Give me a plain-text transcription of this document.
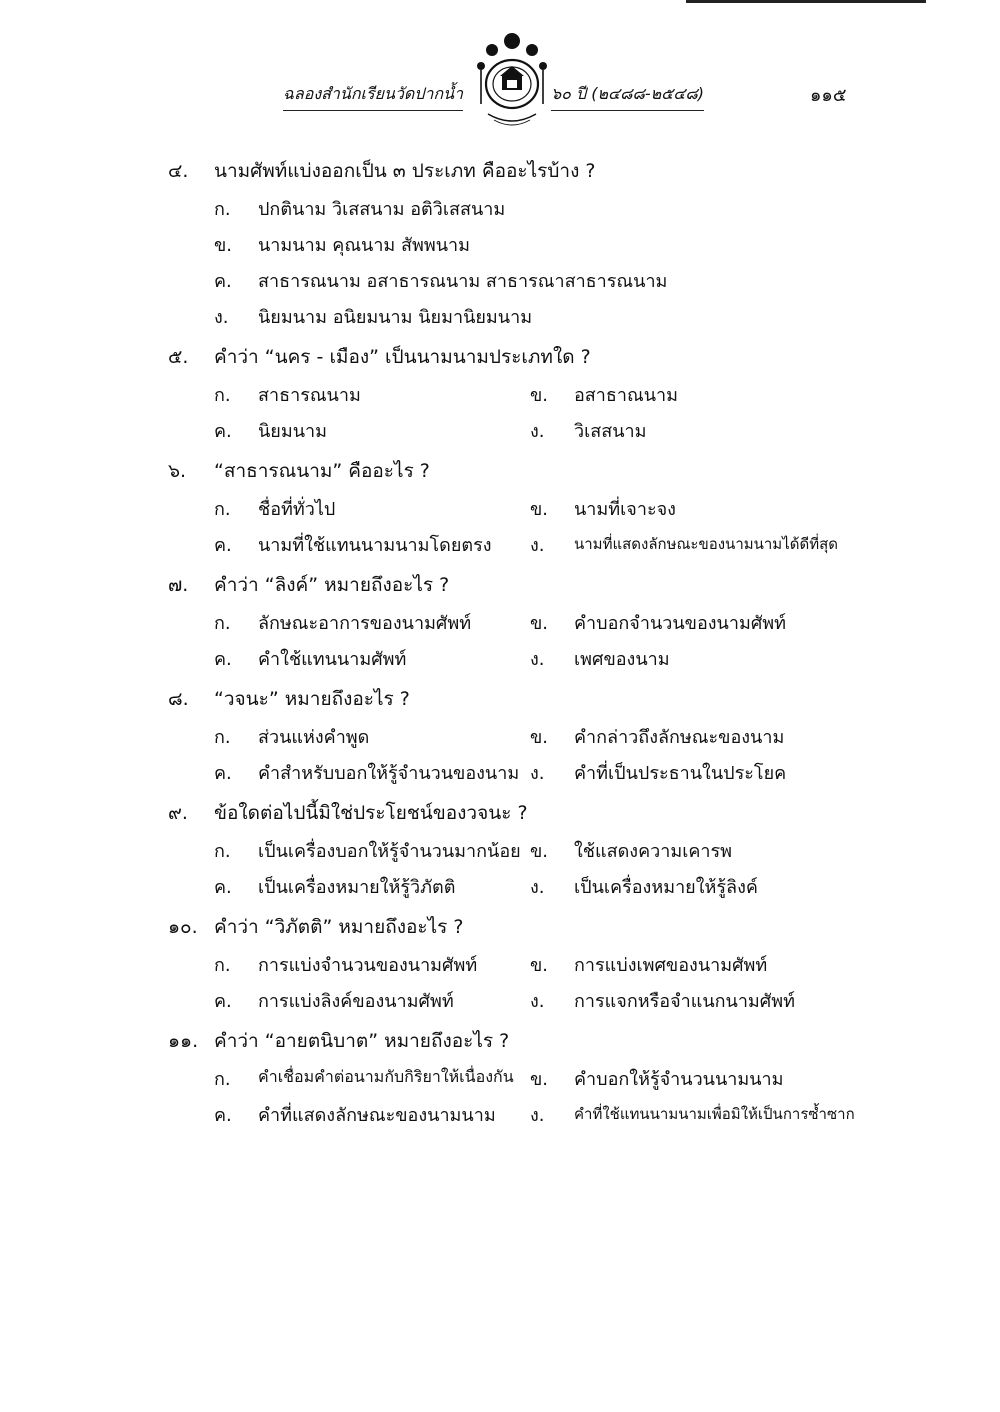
ฉลองสำนักเรียนวัดปากน้ำ	๖๐ ปี (๒๔๘๘-๒๕๔๘)	๑๑๕
๔. นามศัพท์แบ่งออกเป็น ๓ ประเภท คืออะไรบ้าง ?
ก. ปกตินาม วิเสสนาม อติวิเสสนาม
ข. นามนาม คุณนาม สัพพนาม
ค. สาธารณนาม อสาธารณนาม สาธารณาสาธารณนาม
ง. นิยมนาม อนิยมนาม นิยมานิยมนาม
๕. คำว่า “นคร - เมือง” เป็นนามนามประเภทใด ?
ก. สาธารณนาม	ข. อสาธาณนาม
ค. นิยมนาม	ง. วิเสสนาม
๖. “สาธารณนาม” คืออะไร ?
ก. ชื่อที่ทั่วไป	ข. นามที่เจาะจง
ค. นามที่ใช้แทนนามนามโดยตรง ง. นามที่แสดงลักษณะของนามนามได้ดีที่สุด
๗. คำว่า “ลิงค์” หมายถึงอะไร ?
ก. ลักษณะอาการของนามศัพท์	ข. คำบอกจำนวนของนามศัพท์
ค. คำใช้แทนนามศัพท์	ง. เพศของนาม
๘. “วจนะ” หมายถึงอะไร ?
ก. ส่วนแห่งคำพูด	ข. คำกล่าวถึงลักษณะของนาม
ค. คำสำหรับบอกให้รู้จำนวนของนาม ง. คำที่เป็นประธานในประโยค
๙. ข้อใดต่อไปนี้มิใช่ประโยชน์ของวจนะ ?
ก. เป็นเครื่องบอกให้รู้จำนวนมากน้อย ข. ใช้แสดงความเคารพ
ค. เป็นเครื่องหมายให้รู้วิภัตติ	ง. เป็นเครื่องหมายให้รู้ลิงค์
๑๐. คำว่า “วิภัตติ” หมายถึงอะไร ?
ก. การแบ่งจำนวนของนามศัพท์	ข. การแบ่งเพศของนามศัพท์
ค. การแบ่งลิงค์ของนามศัพท์	ง. การแจกหรือจำแนกนามศัพท์
๑๑. คำว่า “อายตนิบาต” หมายถึงอะไร ?
ก. คำเชื่อมคำต่อนามกับกิริยาให้เนื่องกัน ข. คำบอกให้รู้จำนวนนามนาม
ค. คำที่แสดงลักษณะของนามนาม ง. คำที่ใช้แทนนามนามเพื่อมิให้เป็นการซ้ำซาก
